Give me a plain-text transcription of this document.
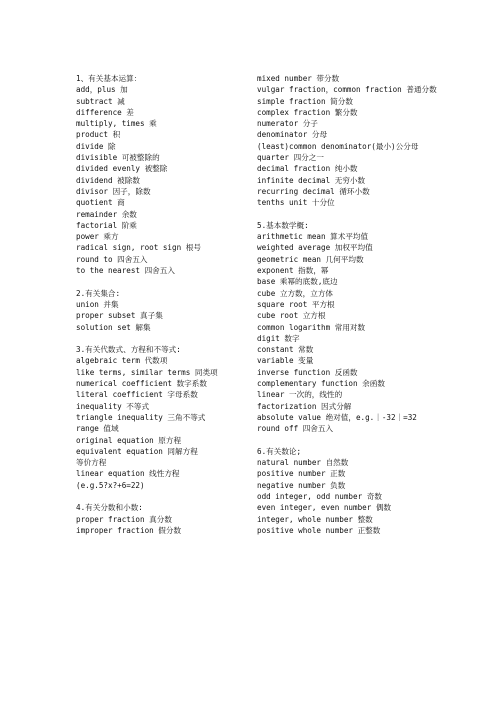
1、有关基本运算：
add，plus 加
subtract 减
difference 差
multiply, times 乘
product 积
divide 除
divisible 可被整除的
divided evenly 被整除
dividend 被除数
divisor 因子，除数
quotient 商
remainder 余数
factorial 阶乘
power 乘方
radical sign, root sign 根号
round to 四舍五入
to the nearest 四舍五入
2.有关集合:
union 并集
proper subset 真子集
solution set 解集
3.有关代数式、方程和不等式:
algebraic term 代数项
like terms, similar terms 同类项
numerical coefficient 数字系数
literal coefficient 字母系数
inequality 不等式
triangle inequality 三角不等式
range 值域
original equation 原方程
equivalent equation 同解方程
等价方程
linear equation 线性方程
(e.g.5?x?+6=22)
4.有关分数和小数:
proper fraction 真分数
improper fraction 假分数
mixed number 带分数
vulgar fraction，common fraction 普通分数
simple fraction 简分数
complex fraction 繁分数
numerator 分子
denominator 分母
(least)common denominator(最小)公分母
quarter 四分之一
decimal fraction 纯小数
infinite decimal 无穷小数
recurring decimal 循环小数
tenths unit 十分位
5.基本数学概:
arithmetic mean 算术平均值
weighted average 加权平均值
geometric mean 几何平均数
exponent 指数，幂
base 乘幂的底数,底边
cube 立方数，立方体
square root 平方根
cube root 立方根
common logarithm 常用对数
digit 数字
constant 常数
variable 变量
inverse function 反函数
complementary function 余函数
linear 一次的，线性的
factorization 因式分解
absolute value 绝对值，e.g.｜-32｜=32
round off 四舍五入
6.有关数论;
natural number 自然数
positive number 正数
negative number 负数
odd integer, odd number 奇数
even integer, even number 偶数
integer, whole number 整数
positive whole number 正整数
